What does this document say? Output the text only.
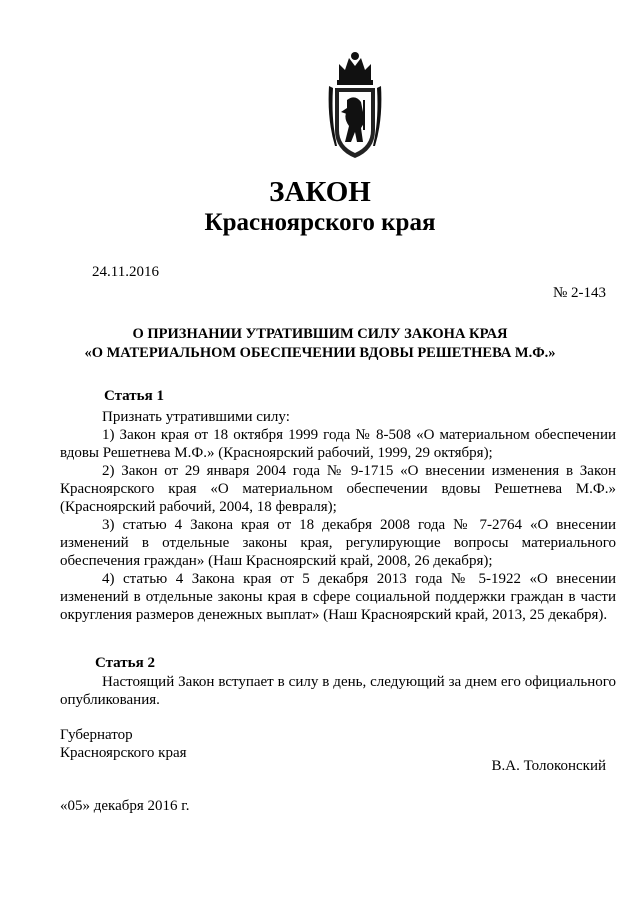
ЗАКОН
Красноярского края
24.11.2016
№ 2-143
О ПРИЗНАНИИ УТРАТИВШИМ СИЛУ ЗАКОНА КРАЯ
«О МАТЕРИАЛЬНОМ ОБЕСПЕЧЕНИИ ВДОВЫ РЕШЕТНЕВА М.Ф.»
Статья 1
Признать утратившими силу:
1) Закон края от 18 октября 1999 года № 8-508 «О материальном обеспечении вдовы Решетнева М.Ф.» (Красноярский рабочий, 1999, 29 октября);
2) Закон от 29 января 2004 года № 9-1715 «О внесении изменения в Закон Красноярского края «О материальном обеспечении вдовы Решетнева М.Ф.» (Красноярский рабочий, 2004, 18 февраля);
3) статью 4 Закона края от 18 декабря 2008 года № 7-2764 «О внесении изменений в отдельные законы края, регулирующие вопросы материального обеспечения граждан» (Наш Красноярский край, 2008, 26 декабря);
4) статью 4 Закона края от 5 декабря 2013 года № 5-1922 «О внесении изменений в отдельные законы края в сфере социальной поддержки граждан в части округления размеров денежных выплат» (Наш Красноярский край, 2013, 25 декабря).
Статья 2
Настоящий Закон вступает в силу в день, следующий за днем его официального опубликования.
Губернатор
Красноярского края
В.А. Толоконский
«05» декабря 2016 г.
